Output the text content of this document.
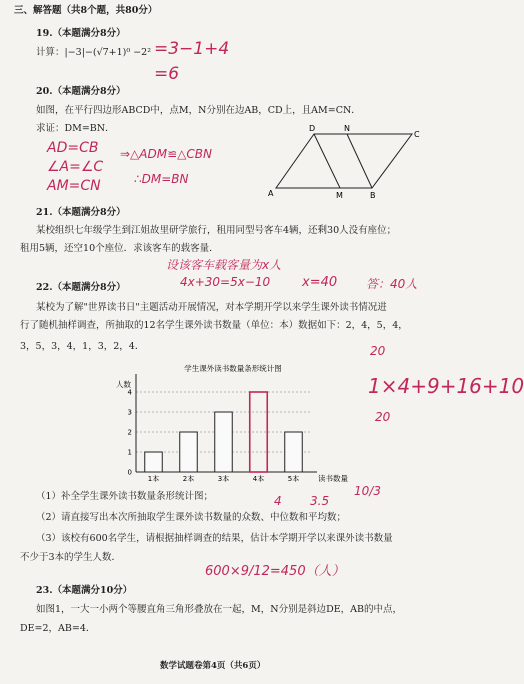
三、解答题（共8个题，共80分）
19.（本题满分8分）
计算：|−3|−(√7+1)⁰ −2² =3−1+4
=6
20.（本题满分8分）
如图，在平行四边形ABCD中，点M，N分别在边AB，CD上，且AM=CN．
求证：DM=BN．
AD=CB
∠A=∠C
AM=CN
⇒△ADM≌△CBN
∴DM=BN
D	N
C
A	M	B
21.（本题满分8分）
某校组织七年级学生到江姐故里研学旅行，租用同型号客车4辆，还剩30人没有座位；
租用5辆，还空10个座位．求该客车的载客量．
设该客车载客量为x人
4x+30=5x−10 x=40 答：40人
22.（本题满分8分）
某校为了解"世界读书日"主题活动开展情况，对本学期开学以来学生课外读书情况进
行了随机抽样调查，所抽取的12名学生课外读书数量（单位：本）数据如下：2，4，5，4，
3，5，3，4，1，3，2，4．
学生课外读书数量条形统计图
人数
读书数量
0
1
2
3
4
1本	2本	3本	4本	5本
1×4+9+16+10
20
20
（1）补全学生课外读书数量条形统计图；
（2）请直接写出本次所抽取学生课外读书数量的众数、中位数和平均数；
（3）该校有600名学生，请根据抽样调查的结果，估计本学期开学以来课外读书数量
不少于3本的学生人数．
4 3.5
10/3
600×9/12=450（人）
23.（本题满分10分）
如图1，一大一小两个等腰直角三角形叠放在一起，M，N分别是斜边DE，AB的中点，
DE=2，AB=4．
数学试题卷第4页（共6页）
